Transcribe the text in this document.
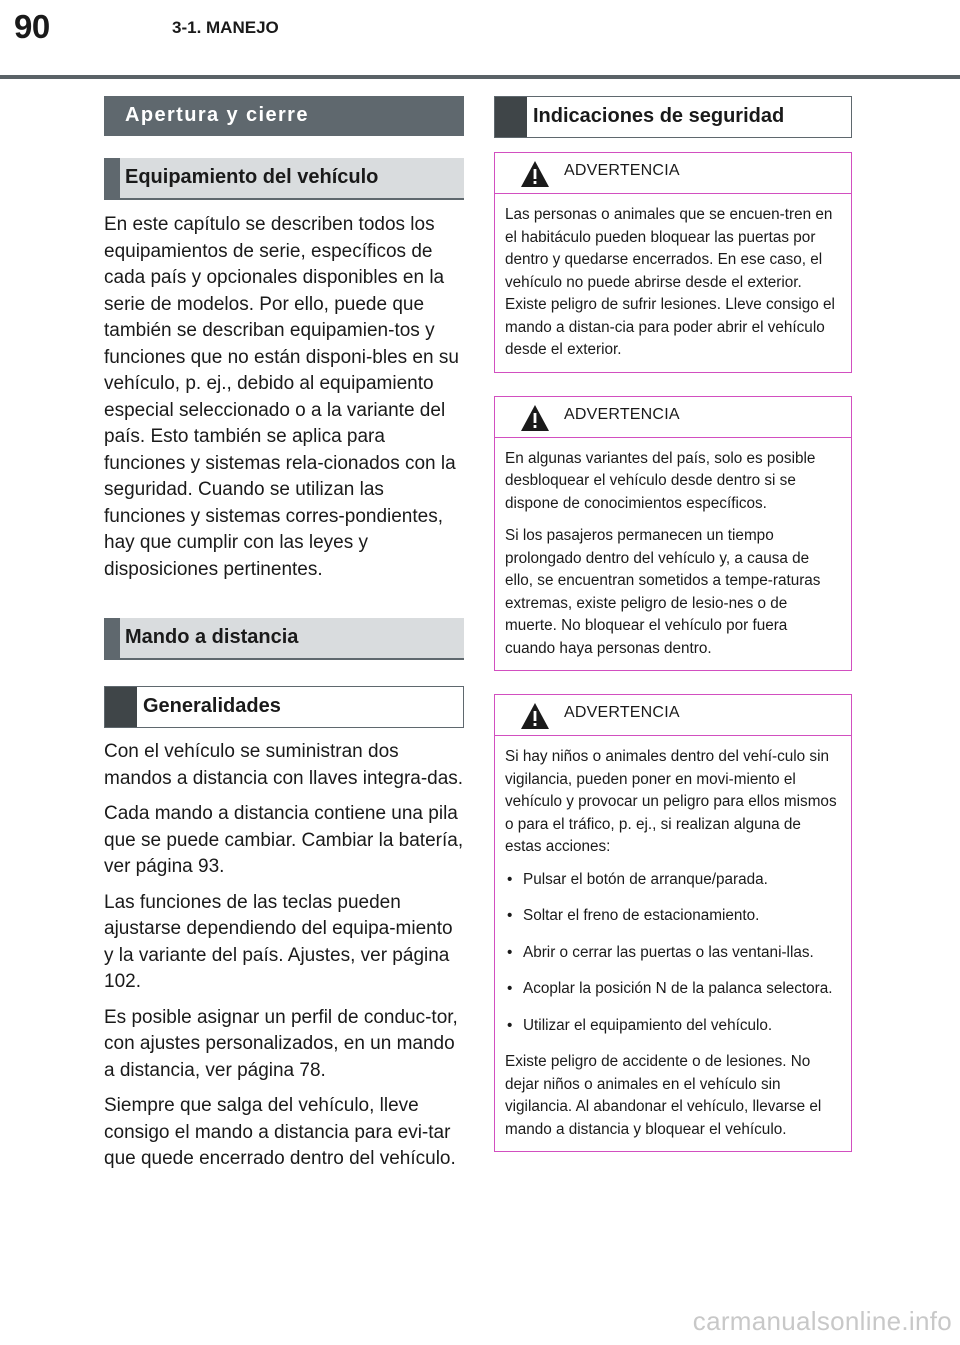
90	3-1. MANEJO
Apertura y cierre
Equipamiento del vehículo

En este capítulo se describen todos los equipamientos de serie, específicos de cada país y opcionales disponibles en la serie de modelos. Por ello, puede que también se describan equipamien-tos y funciones que no están disponi-bles en su vehículo, p. ej., debido al equipamiento especial seleccionado o a la variante del país. Esto también se aplica para funciones y sistemas rela-cionados con la seguridad. Cuando se utilizan las funciones y sistemas corres-pondientes, hay que cumplir con las leyes y disposiciones pertinentes.

Mando a distancia
Generalidades

Con el vehículo se suministran dos mandos a distancia con llaves integra-das.

Cada mando a distancia contiene una pila que se puede cambiar. Cambiar la batería, ver página 93.

Las funciones de las teclas pueden ajustarse dependiendo del equipa-miento y la variante del país. Ajustes, ver página 102.

Es posible asignar un perfil de conduc-tor, con ajustes personalizados, en un mando a distancia, ver página 78.

Siempre que salga del vehículo, lleve consigo el mando a distancia para evi-tar que quede encerrado dentro del vehículo.

Indicaciones de seguridad
ADVERTENCIA

Las personas o animales que se encuen-tren en el habitáculo pueden bloquear las puertas por dentro y quedarse encerrados. En ese caso, el vehículo no puede abrirse desde el exterior. Existe peligro de sufrir lesiones. Lleve consigo el mando a distan-cia para poder abrir el vehículo desde el exterior.

ADVERTENCIA

En algunas variantes del país, solo es posible desbloquear el vehículo desde dentro si se dispone de conocimientos específicos.

Si los pasajeros permanecen un tiempo prolongado dentro del vehículo y, a causa de ello, se encuentran sometidos a tempe-raturas extremas, existe peligro de lesio-nes o de muerte. No bloquear el vehículo por fuera cuando haya personas dentro.

ADVERTENCIA

Si hay niños o animales dentro del vehí-culo sin vigilancia, pueden poner en movi-miento el vehículo y provocar un peligro para ellos mismos o para el tráfico, p. ej., si realizan alguna de estas acciones:

• Pulsar el botón de arranque/parada.
• Soltar el freno de estacionamiento.
• Abrir o cerrar las puertas o las ventani-llas.
• Acoplar la posición N de la palanca selectora.
• Utilizar el equipamiento del vehículo.

Existe peligro de accidente o de lesiones. No dejar niños o animales en el vehículo sin vigilancia. Al abandonar el vehículo, llevarse el mando a distancia y bloquear el vehículo.

carmanualsonline.info
